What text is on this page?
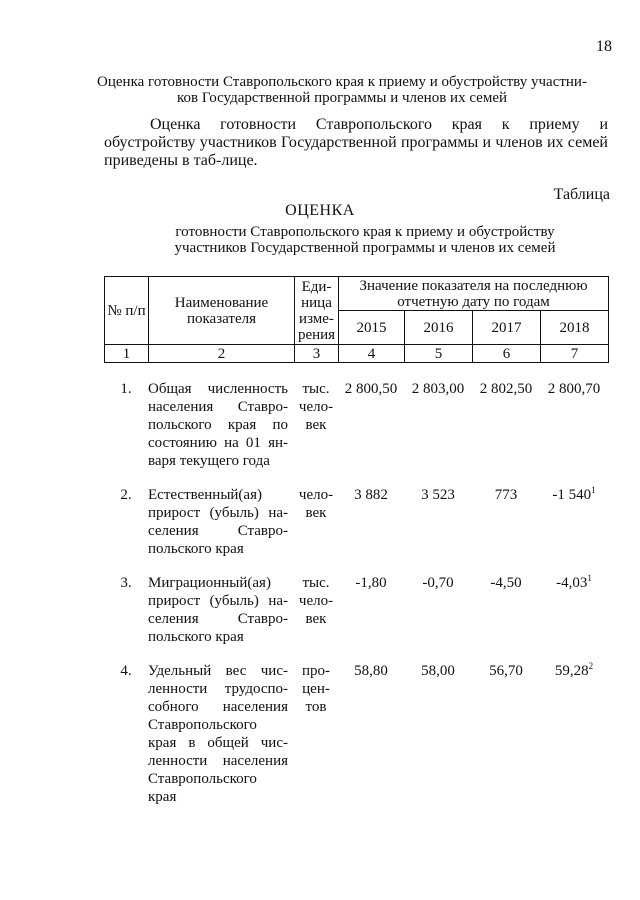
18
Оценка готовности Ставропольского края к приему и обустройству участни-ков Государственной программы и членов их семей
Оценка готовности Ставропольского края к приему и обустройству участников Государственной программы и членов их семей приведены в таб-лице.
Таблица
ОЦЕНКА
готовности Ставропольского края к приему и обустройству участников Государственной программы и членов их семей
№ п/п	Наименование показателя	Еди-ница изме-рения	Значение показателя на последнюю отчетную дату по годам			
			2015	2016	2017	2018
1	2	3	4	5	6	7
1.	Общая численность населения Ставро-польского края по состоянию на 01 ян-варя текущего года	тыс. чело-век	2 800,50	2 803,00	2 802,50	2 800,70
2.	Естественный(ая) прирост (убыль) на-селения Ставро-польского края	чело-век	3 882	3 523	773	-1 $540^1$
3.	Миграционный(ая) прирост (убыль) на-селения Ставро-польского края	тыс. чело-век	-1,80	-0,70	-4,50	-4,03$^1$
4.	Удельный вес чис-ленности трудоспо-собного населения Ставропольского края в общей чис-ленности населения Ставропольского края	про-цен-тов	58,80	58,00	56,70	59,28$^2$
